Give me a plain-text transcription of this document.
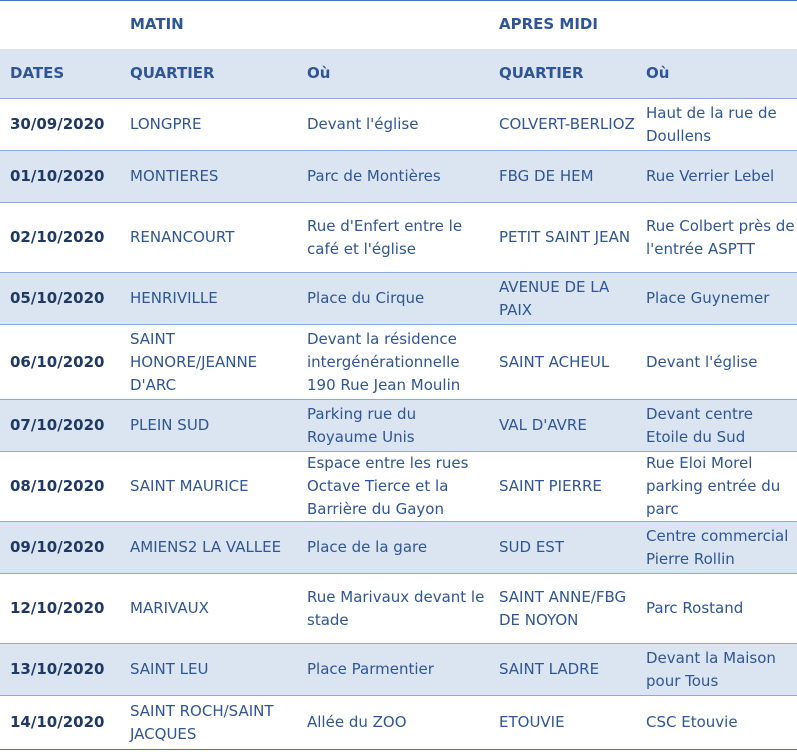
	MATIN		APRES MIDI	
DATES	QUARTIER	Où	QUARTIER	Où
30/09/2020	LONGPRE	Devant l'église	COLVERT-BERLIOZ	Haut de la rue de Doullens
01/10/2020	MONTIERES	Parc de Montières	FBG DE HEM	Rue Verrier Lebel
02/10/2020	RENANCOURT	Rue d'Enfert entre le café et l'église	PETIT SAINT JEAN	Rue Colbert près de l'entrée ASPTT
05/10/2020	HENRIVILLE	Place du Cirque	AVENUE DE LA PAIX	Place Guynemer
06/10/2020	SAINT HONORE/JEANNE D'ARC	Devant la résidence intergénérationnelle 190 Rue Jean Moulin	SAINT ACHEUL	Devant l'église
07/10/2020	PLEIN SUD	Parking rue du Royaume Unis	VAL D'AVRE	Devant centre Etoile du Sud
08/10/2020	SAINT MAURICE	Espace entre les rues Octave Tierce et la Barrière du Gayon	SAINT PIERRE	Rue Eloi Morel parking entrée du parc
09/10/2020	AMIENS2 LA VALLEE	Place de la gare	SUD EST	Centre commercial Pierre Rollin
12/10/2020	MARIVAUX	Rue Marivaux devant le stade	SAINT ANNE/FBG DE NOYON	Parc Rostand
13/10/2020	SAINT LEU	Place Parmentier	SAINT LADRE	Devant la Maison pour Tous
14/10/2020	SAINT ROCH/SAINT JACQUES	Allée du ZOO	ETOUVIE	CSC Etouvie
